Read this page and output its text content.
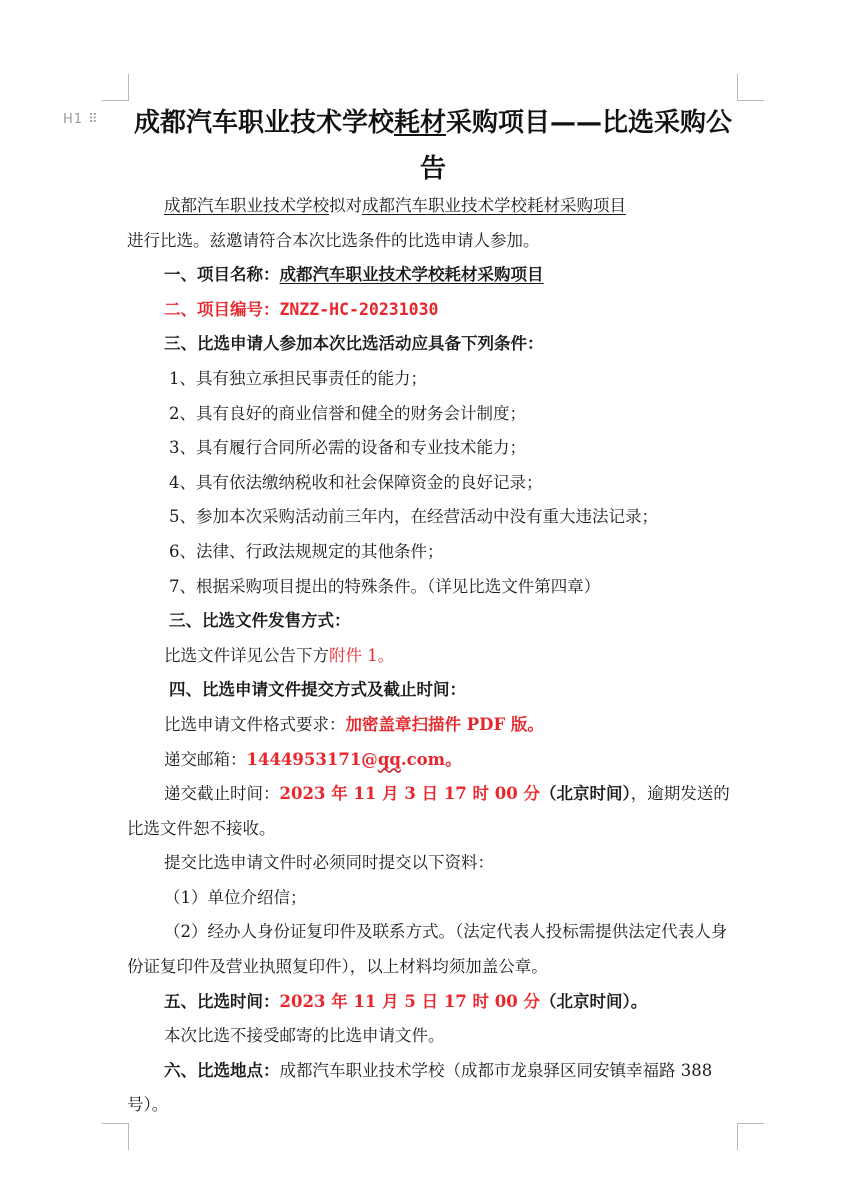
H1 ⠿ 成都汽车职业技术学校耗材采购项目——比选采购公告

成都汽车职业技术学校拟对成都汽车职业技术学校耗材采购项目
进行比选。兹邀请符合本次比选条件的比选申请人参加。

一、项目名称：成都汽车职业技术学校耗材采购项目

二、项目编号：ZNZZ-HC-20231030

三、比选申请人参加本次比选活动应具备下列条件：

1、具有独立承担民事责任的能力；

2、具有良好的商业信誉和健全的财务会计制度；

3、具有履行合同所必需的设备和专业技术能力；

4、具有依法缴纳税收和社会保障资金的良好记录；

5、参加本次采购活动前三年内，在经营活动中没有重大违法记录；

6、法律、行政法规规定的其他条件；

7、根据采购项目提出的特殊条件。（详见比选文件第四章）

三、比选文件发售方式：

比选文件详见公告下方附件 1。

四、比选申请文件提交方式及截止时间：

比选申请文件格式要求：加密盖章扫描件 PDF 版。

递交邮箱：1444953171@qq.com。

递交截止时间：2023 年 11 月 3 日 17 时 00 分（北京时间），逾期发送的比选文件恕不接收。

提交比选申请文件时必须同时提交以下资料：

（1）单位介绍信；

（2）经办人身份证复印件及联系方式。（法定代表人投标需提供法定代表人身份证复印件及营业执照复印件），以上材料均须加盖公章。

五、比选时间：2023 年 11 月 5 日 17 时 00 分（北京时间）。

本次比选不接受邮寄的比选申请文件。

六、比选地点：成都汽车职业技术学校（成都市龙泉驿区同安镇幸福路 388 号）。
